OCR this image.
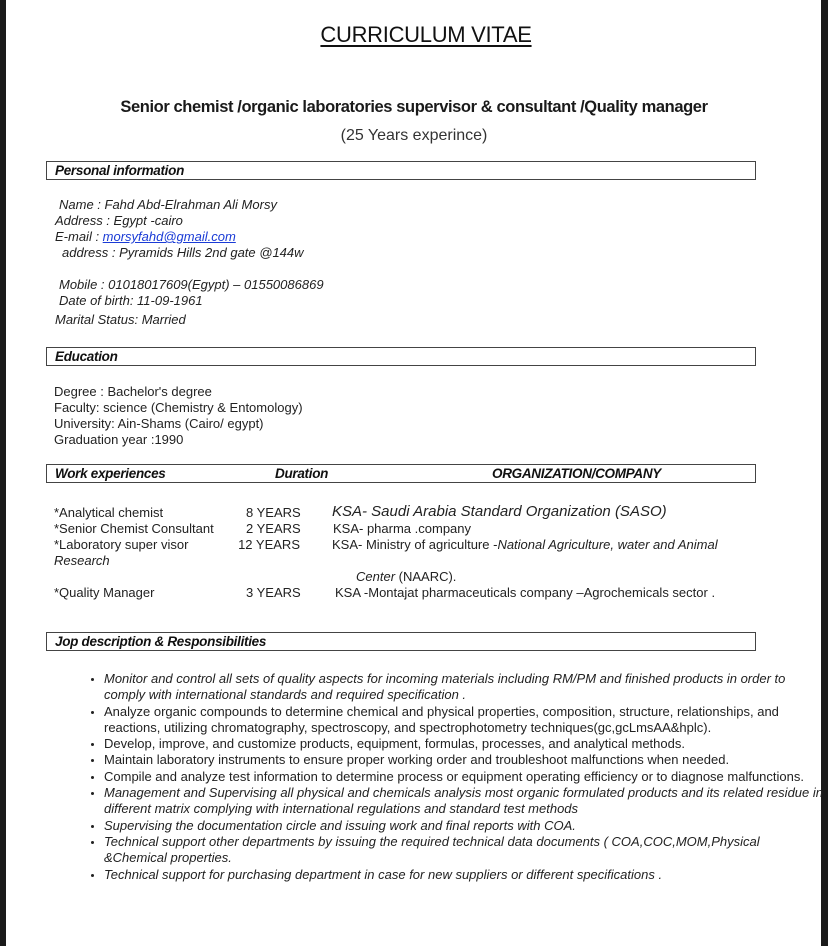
CURRICULUM VITAE
Senior chemist /organic laboratories supervisor & consultant /Quality manager
(25 Years experince)
Personal information
Name : Fahd Abd-Elrahman Ali Morsy
Address : Egypt -cairo
E-mail : morsyfahd@gmail.com
address : Pyramids Hills 2nd gate @144w
Mobile : 01018017609(Egypt) – 01550086869
Date of birth: 11-09-1961
Marital Status: Married
Education
Degree : Bachelor's degree
Faculty: science (Chemistry & Entomology)
University: Ain-Shams (Cairo/ egypt)
Graduation year :1990
Work experiences	Duration	ORGANIZATION/COMPANY
*Analytical chemist	8 YEARS KSA- Saudi Arabia Standard Organization (SASO)
*Senior Chemist Consultant 2 YEARS KSA- pharma .company
*Laboratory super visor	12 YEARS KSA- Ministry of agriculture -National Agriculture, water and Animal
Research
Center (NAARC).
*Quality Manager	3 YEARS	KSA -Montajat pharmaceuticals company –Agrochemicals sector .
Jop description & Responsibilities
• Monitor and control all sets of quality aspects for incoming materials including RM/PM and finished products in order to comply with international standards and required specification .
• Analyze organic compounds to determine chemical and physical properties, composition, structure, relationships, and reactions, utilizing chromatography, spectroscopy, and spectrophotometry techniques(gc,gcLmsAA&hplc).
• Develop, improve, and customize products, equipment, formulas, processes, and analytical methods.
• Maintain laboratory instruments to ensure proper working order and troubleshoot malfunctions when needed.
• Compile and analyze test information to determine process or equipment operating efficiency or to diagnose malfunctions.
• Management and Supervising all physical and chemicals analysis most organic formulated products and its related residue in different matrix complying with international regulations and standard test methods
• Supervising the documentation circle and issuing work and final reports with COA.
• Technical support other departments by issuing the required technical data documents ( COA,COC,MOM,Physical &Chemical properties.
• Technical support for purchasing department in case for new suppliers or different specifications .
